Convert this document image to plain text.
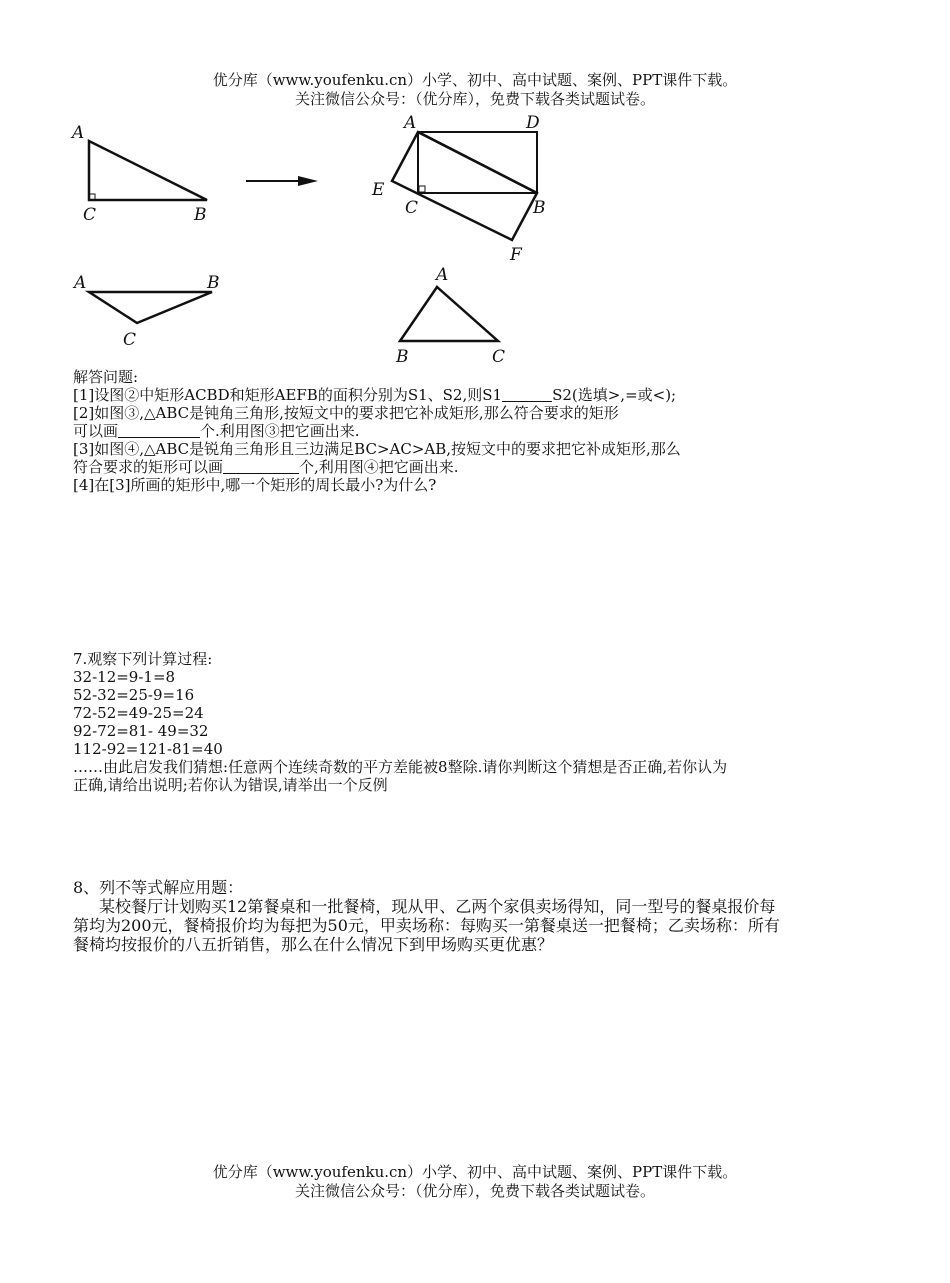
优分库（www.youfenku.cn）小学、初中、高中试题、案例、PPT课件下载。
关注微信公众号：（优分库），免费下载各类试题试卷。
A
C	B
A	D
E
C	B
F
A	B
C
A
B	C

解答问题:

[1]设图②中矩形ACBD和矩形AEFB的面积分别为S1、S2,则S1	S2(选填>,=或<);

[2]如图③,△ABC是钝角三角形,按短文中的要求把它补成矩形,那么符合要求的矩形

可以画	个.利用图③把它画出来.

[3]如图④,△ABC是锐角三角形且三边满足BC>AC>AB,按短文中的要求把它补成矩形,那么

符合要求的矩形可以画	个,利用图④把它画出来.

[4]在[3]所画的矩形中,哪一个矩形的周长最小?为什么?

7.观察下列计算过程:

32-12=9-1=8

52-32=25-9=16

72-52=49-25=24

92-72=81- 49=32

112-92=121-81=40

……由此启发我们猜想:任意两个连续奇数的平方差能被8整除.请你判断这个猜想是否正确,若你认为

正确,请给出说明;若你认为错误,请举出一个反例

8、列不等式解应用题：

某校餐厅计划购买12第餐桌和一批餐椅，现从甲、乙两个家俱卖场得知，同一型号的餐桌报价每

第均为200元，餐椅报价均为每把为50元，甲卖场称：每购买一第餐桌送一把餐椅；乙卖场称：所有

餐椅均按报价的八五折销售，那么在什么情况下到甲场购买更优惠？

优分库（www.youfenku.cn）小学、初中、高中试题、案例、PPT课件下载。
关注微信公众号：（优分库），免费下载各类试题试卷。
